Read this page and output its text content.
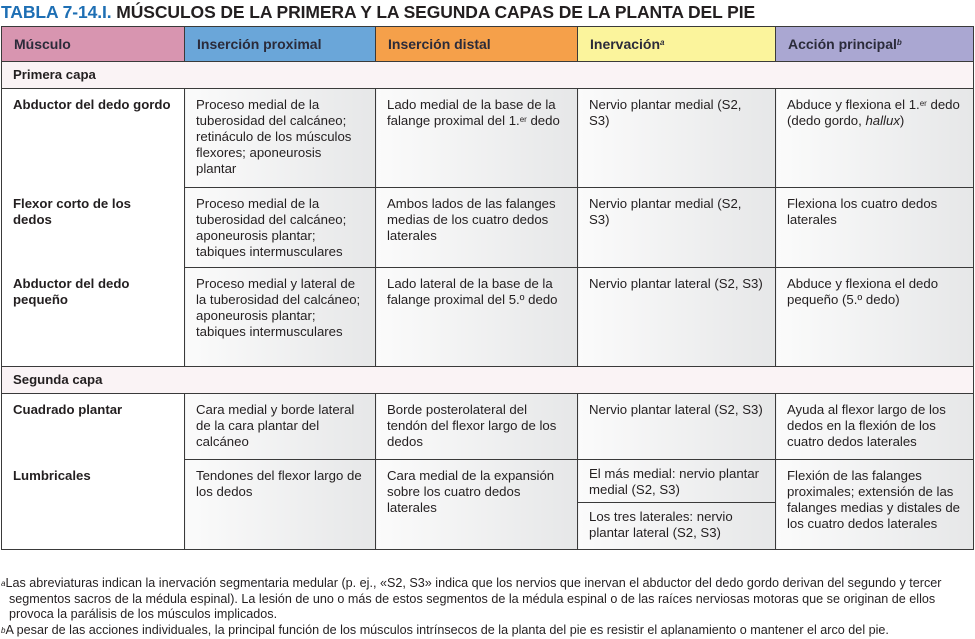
TABLA 7-14.I. MÚSCULOS DE LA PRIMERA Y LA SEGUNDA CAPAS DE LA PLANTA DEL PIE
Músculo	Inserción proximal	Inserción distal	Inervación$^a$	Acción principal$^b$
Primera capa				
Abductor del dedo gordo	Proceso medial de la tuberosidad del calcáneo; retináculo de los músculos flexores; aponeurosis plantar	Lado medial de la base de la falange proximal del 1.$^{er}$ dedo	Nervio plantar medial (S2, S3)	Abduce y flexiona el 1.$^{er}$ dedo (dedo gordo, hallux)
Flexor corto de los dedos	Proceso medial de la tuberosidad del calcáneo; aponeurosis plantar; tabiques intermusculares	Ambos lados de las falanges medias de los cuatro dedos laterales	Nervio plantar medial (S2, S3)	Flexiona los cuatro dedos laterales
Abductor del dedo pequeño	Proceso medial y lateral de la tuberosidad del calcáneo; aponeurosis plantar; tabiques intermusculares	Lado lateral de la base de la falange proximal del 5.º dedo	Nervio plantar lateral (S2, S3)	Abduce y flexiona el dedo pequeño (5.º dedo)
Segunda capa				
Cuadrado plantar	Cara medial y borde lateral de la cara plantar del calcáneo	Borde posterolateral del tendón del flexor largo de los dedos	Nervio plantar lateral (S2, S3)	Ayuda al flexor largo de los dedos en la flexión de los cuatro dedos laterales
Lumbricales	Tendones del flexor largo de los dedos	Cara medial de la expansión sobre los cuatro dedos laterales	El más medial: nervio plantar medial (S2, S3)	Flexión de las falanges proximales; extensión de las falanges medias y distales de los cuatro dedos laterales
			Los tres laterales: nervio plantar lateral (S2, S3)	

$^a$Las abreviaturas indican la inervación segmentaria medular (p. ej., «S2, S3» indica que los nervios que inervan el abductor del dedo gordo derivan del segundo y tercer segmentos sacros de la médula espinal). La lesión de uno o más de estos segmentos de la médula espinal o de las raíces nerviosas motoras que se originan de ellos provoca la parálisis de los músculos implicados.

$^b$A pesar de las acciones individuales, la principal función de los músculos intrínsecos de la planta del pie es resistir el aplanamiento o mantener el arco del pie.
